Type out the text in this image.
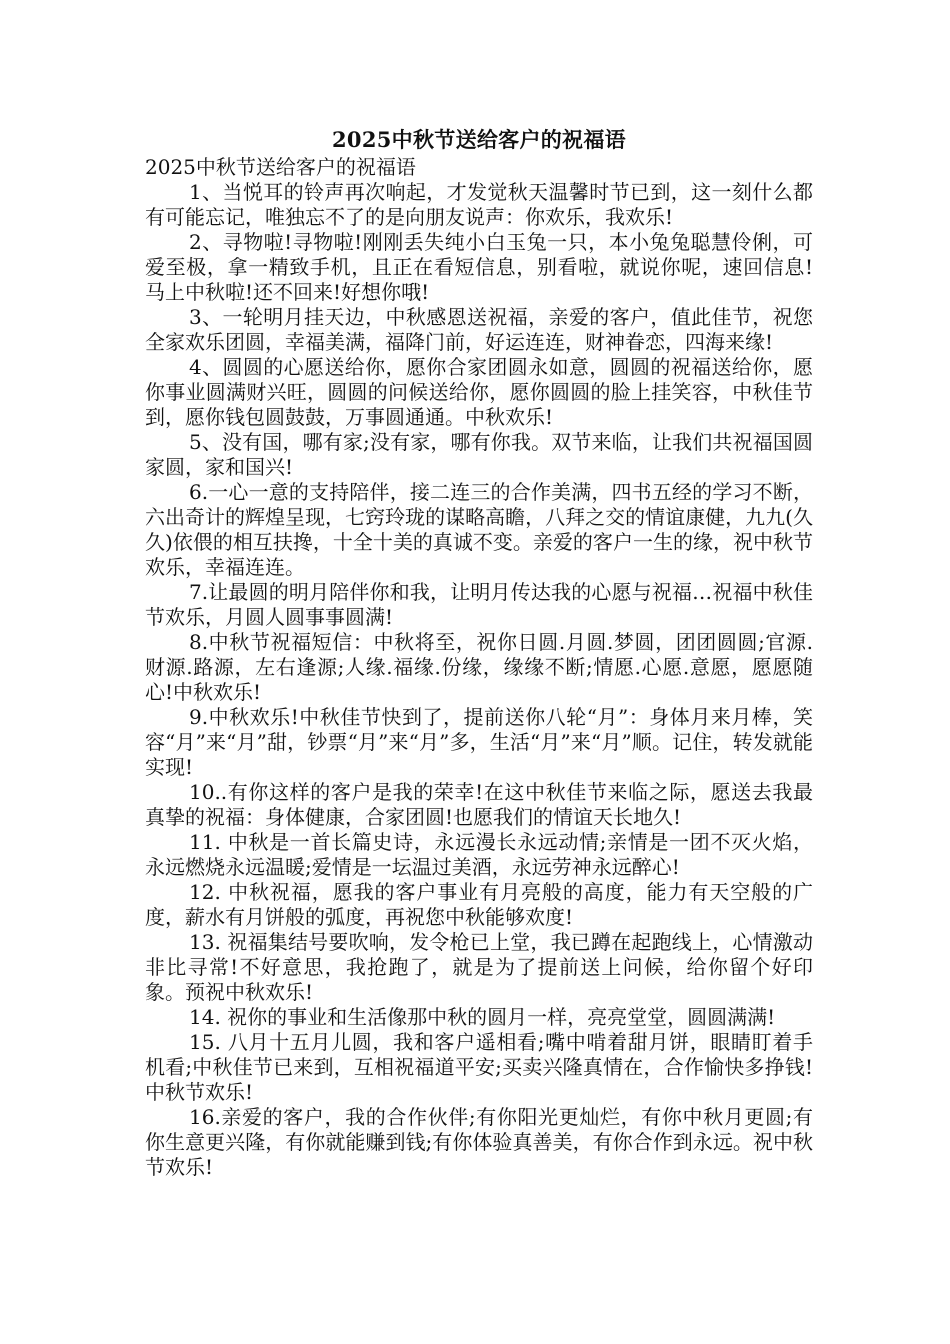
2025中秋节送给客户的祝福语

2025中秋节送给客户的祝福语

1、当悦耳的铃声再次响起，才发觉秋天温馨时节已到，这一刻什么都有可能忘记，唯独忘不了的是向朋友说声：你欢乐，我欢乐!

2、寻物啦!寻物啦!刚刚丢失纯小白玉兔一只，本小兔兔聪慧伶俐，可爱至极，拿一精致手机，且正在看短信息，别看啦，就说你呢，速回信息!马上中秋啦!还不回来!好想你哦!

3、一轮明月挂天边，中秋感恩送祝福，亲爱的客户，值此佳节，祝您全家欢乐团圆，幸福美满，福降门前，好运连连，财神眷恋，四海来缘!

4、圆圆的心愿送给你，愿你合家团圆永如意，圆圆的祝福送给你，愿你事业圆满财兴旺，圆圆的问候送给你，愿你圆圆的脸上挂笑容，中秋佳节到，愿你钱包圆鼓鼓，万事圆通通。中秋欢乐!

5、没有国，哪有家;没有家，哪有你我。双节来临，让我们共祝福国圆家圆，家和国兴!

6.一心一意的支持陪伴，接二连三的合作美满，四书五经的学习不断，六出奇计的辉煌呈现，七窍玲珑的谋略高瞻，八拜之交的情谊康健，九九(久久)依偎的相互扶搀，十全十美的真诚不变。亲爱的客户一生的缘，祝中秋节欢乐，幸福连连。

7.让最圆的明月陪伴你和我，让明月传达我的心愿与祝福…祝福中秋佳节欢乐，月圆人圆事事圆满!

8.中秋节祝福短信：中秋将至，祝你日圆.月圆.梦圆，团团圆圆;官源.财源.路源，左右逢源;人缘.福缘.份缘，缘缘不断;情愿.心愿.意愿，愿愿随心!中秋欢乐!

9.中秋欢乐!中秋佳节快到了，提前送你八轮“月”：身体月来月棒，笑容“月”来“月”甜，钞票“月”来“月”多，生活“月”来“月”顺。记住，转发就能实现!

10..有你这样的客户是我的荣幸!在这中秋佳节来临之际，愿送去我最真挚的祝福：身体健康，合家团圆!也愿我们的情谊天长地久!

11. 中秋是一首长篇史诗，永远漫长永远动情;亲情是一团不灭火焰，永远燃烧永远温暖;爱情是一坛温过美酒，永远劳神永远醉心!

12. 中秋祝福，愿我的客户事业有月亮般的高度，能力有天空般的广度，薪水有月饼般的弧度，再祝您中秋能够欢度!

13. 祝福集结号要吹响，发令枪已上堂，我已蹲在起跑线上，心情激动非比寻常!不好意思，我抢跑了，就是为了提前送上问候，给你留个好印象。预祝中秋欢乐!

14. 祝你的事业和生活像那中秋的圆月一样，亮亮堂堂，圆圆满满!

15. 八月十五月儿圆，我和客户遥相看;嘴中啃着甜月饼，眼睛盯着手机看;中秋佳节已来到，互相祝福道平安;买卖兴隆真情在，合作愉快多挣钱!中秋节欢乐!

16.亲爱的客户，我的合作伙伴;有你阳光更灿烂，有你中秋月更圆;有你生意更兴隆，有你就能赚到钱;有你体验真善美，有你合作到永远。祝中秋节欢乐!
